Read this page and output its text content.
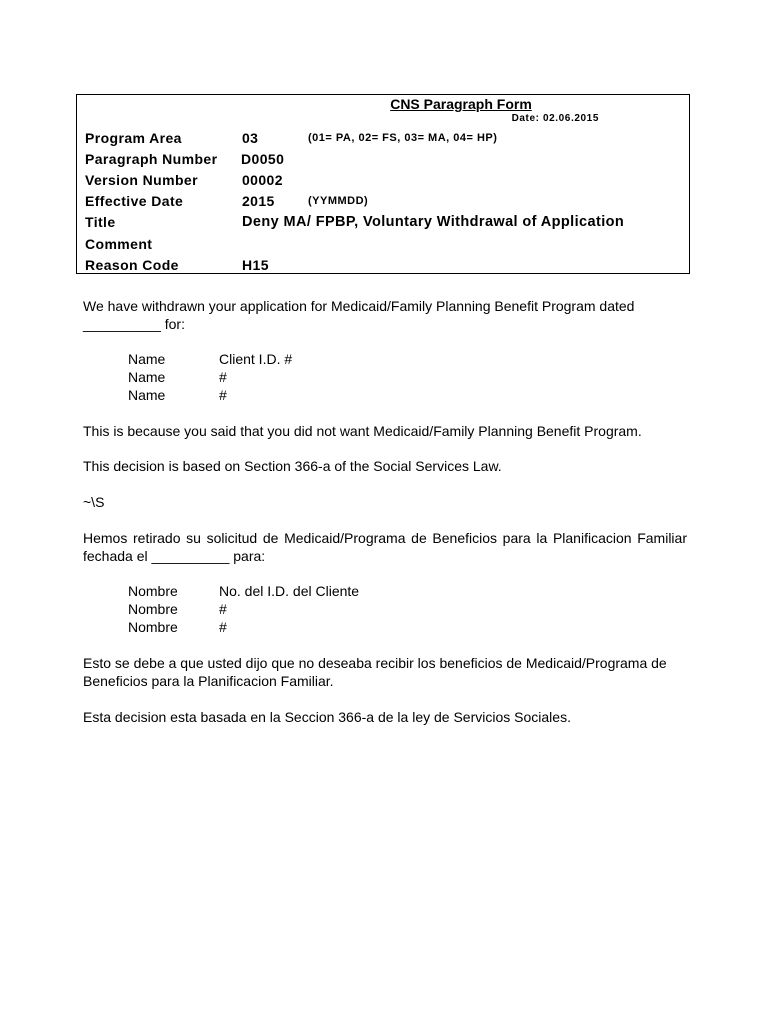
CNS Paragraph Form
Date: 02.06.2015
Program Area	03	(01= PA, 02= FS, 03= MA, 04= HP)
Paragraph Number D0050
Version Number	00002
Effective Date	2015	(YYMMDD)
Title	Deny MA/ FPBP, Voluntary Withdrawal of Application
Comment
Reason Code	H15
We have withdrawn your application for Medicaid/Family Planning Benefit Program dated __________ for:
Name	Client I.D. #
Name	#
Name	#
This is because you said that you did not want Medicaid/Family Planning Benefit Program.
This decision is based on Section 366-a of the Social Services Law.
~\S
Hemos retirado su solicitud de Medicaid/Programa de Beneficios para la Planificacion Familiar fechada el __________ para:
Nombre	No. del I.D. del Cliente
Nombre	#
Nombre	#
Esto se debe a que usted dijo que no deseaba recibir los beneficios de Medicaid/Programa de Beneficios para la Planificacion Familiar.
Esta decision esta basada en la Seccion 366-a de la ley de Servicios Sociales.
